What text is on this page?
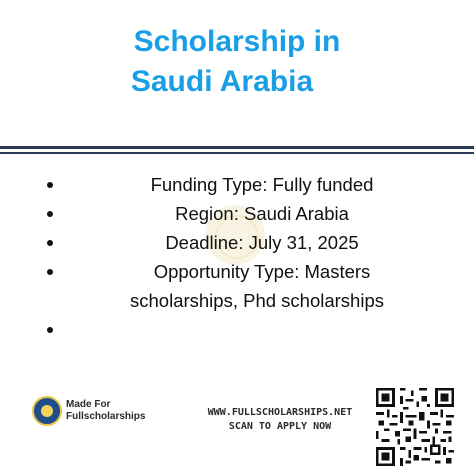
Scholarship in
Saudi Arabia
Funding Type: Fully funded
Region: Saudi Arabia
Deadline: July 31, 2025
Opportunity Type: Masters
scholarships, Phd scholarships
Made For
Fullscholarships	WWW.FULLSCHOLARSHIPS.NET
SCAN TO APPLY NOW
